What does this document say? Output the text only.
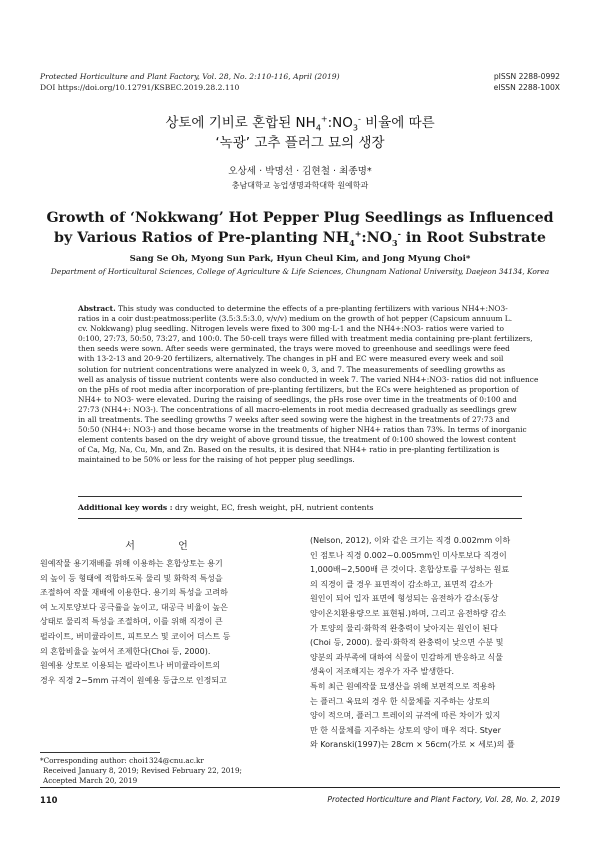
Protected Horticulture and Plant Factory, Vol. 28, No. 2:110-116, April (2019)
DOI https://doi.org/10.12791/KSBEC.2019.28.2.110
pISSN 2288-0992
eISSN 2288-100X
상토에 기비로 혼합된 $NH_4^+:NO_3^-$ 비율에 따른
‘녹광’ 고추 플러그 묘의 생장
오상세 · 박명선 · 김현철 · 최종명*
충남대학교 농업생명과학대학 원예학과
Growth of ‘Nokkwang’ Hot Pepper Plug Seedlings as Influenced
by Various Ratios of Pre-planting $NH_4^+:NO_3^-$ in Root Substrate
Sang Se Oh, Myong Sun Park, Hyun Cheul Kim, and Jong Myung Choi*
Department of Horticultural Sciences, College of Agriculture & Life Sciences, Chungnam National University, Daejeon 34134, Korea
Abstract. This study was conducted to determine the effects of a pre-planting fertilizers with various NH4+:NO3-
ratios in a coir dust:peatmoss:perlite (3.5:3.5:3.0, v/v/v) medium on the growth of hot pepper (Capsicum annuum L.
cv. Nokkwang) plug seedling. Nitrogen levels were fixed to 300 mg·L-1 and the NH4+:NO3- ratios were varied to
0:100, 27:73, 50:50, 73:27, and 100:0. The 50-cell trays were filled with treatment media containing pre-plant fertilizers,
then seeds were sown. After seeds were germinated, the trays were moved to greenhouse and seedlings were feed
with 13-2-13 and 20-9-20 fertilizers, alternatively. The changes in pH and EC were measured every week and soil
solution for nutrient concentrations were analyzed in week 0, 3, and 7. The measurements of seedling growths as
well as analysis of tissue nutrient contents were also conducted in week 7. The varied NH4+:NO3- ratios did not influence
on the pHs of root media after incorporation of pre-planting fertilizers, but the ECs were heightened as proportion of
NH4+ to NO3- were elevated. During the raising of seedlings, the pHs rose over time in the treatments of 0:100 and
27:73 (NH4+: NO3-). The concentrations of all macro-elements in root media decreased gradually as seedlings grew
in all treatments. The seedling growths 7 weeks after seed sowing were the highest in the treatments of 27:73 and
50:50 (NH4+: NO3-) and those became worse in the treatments of higher NH4+ ratios than 73%. In terms of inorganic
element contents based on the dry weight of above ground tissue, the treatment of 0:100 showed the lowest content
of Ca, Mg, Na, Cu, Mn, and Zn. Based on the results, it is desired that NH4+ ratio in pre-planting fertilization is
maintained to be 50% or less for the raising of hot pepper plug seedlings.
Additional key words : dry weight, EC, fresh weight, pH, nutrient contents
서 언
원예작물 용기재배를 위해 이용하는 혼합상토는 용기
의 높이 등 형태에 적합하도록 물리 및 화학적 특성을
조절하여 작물 재배에 이용한다. 용기의 특성을 고려하
여 노지토양보다 공극률을 높이고, 대공극 비율이 높은
상태로 물리적 특성을 조절하며, 이를 위해 직경이 큰
펄라이트, 버미큘라이트, 피트모스 및 코이어 더스트 등
의 혼합비율을 높여서 조제한다(Choi 등, 2000).
원예용 상토로 이용되는 펄라이트나 버미큘라이트의
경우 직경 2~5mm 규격이 원예용 등급으로 인정되고
(Nelson, 2012), 이와 같은 크기는 직경 0.002mm 이하
인 점토나 직경 0.002~0.005mm인 미사토보다 직경이
1,000배~2,500배 큰 것이다. 혼합상토를 구성하는 원료
의 직경이 클 경우 표면적이 감소하고, 표면적 감소가
원인이 되어 입자 표면에 형성되는 음전하가 감소(동상
양이온치환용량으로 표현됨.)하며, 그리고 음전하량 감소
가 토양의 물리·화학적 완충력이 낮아지는 원인이 된다
(Choi 등, 2000). 물리·화학적 완충력이 낮으면 수분 및
양분의 과부족에 대하여 식물이 민감하게 반응하고 식물
생육이 저조해지는 경우가 자주 발생한다.
특히 최근 원예작물 묘생산을 위해 보편적으로 적용하
는 플러그 육묘의 경우 한 식물체를 지주하는 상토의
양이 적으며, 플러그 트레이의 규격에 따른 차이가 있지
만 한 식물체를 지주하는 상토의 양이 매우 적다. Styer
와 Koranski(1997)는 28cm × 56cm(가로 × 세로)의 플
*Corresponding author: choi1324@cnu.ac.kr
Received January 8, 2019; Revised February 22, 2019;
Accepted March 20, 2019
110	Protected Horticulture and Plant Factory, Vol. 28, No. 2, 2019
